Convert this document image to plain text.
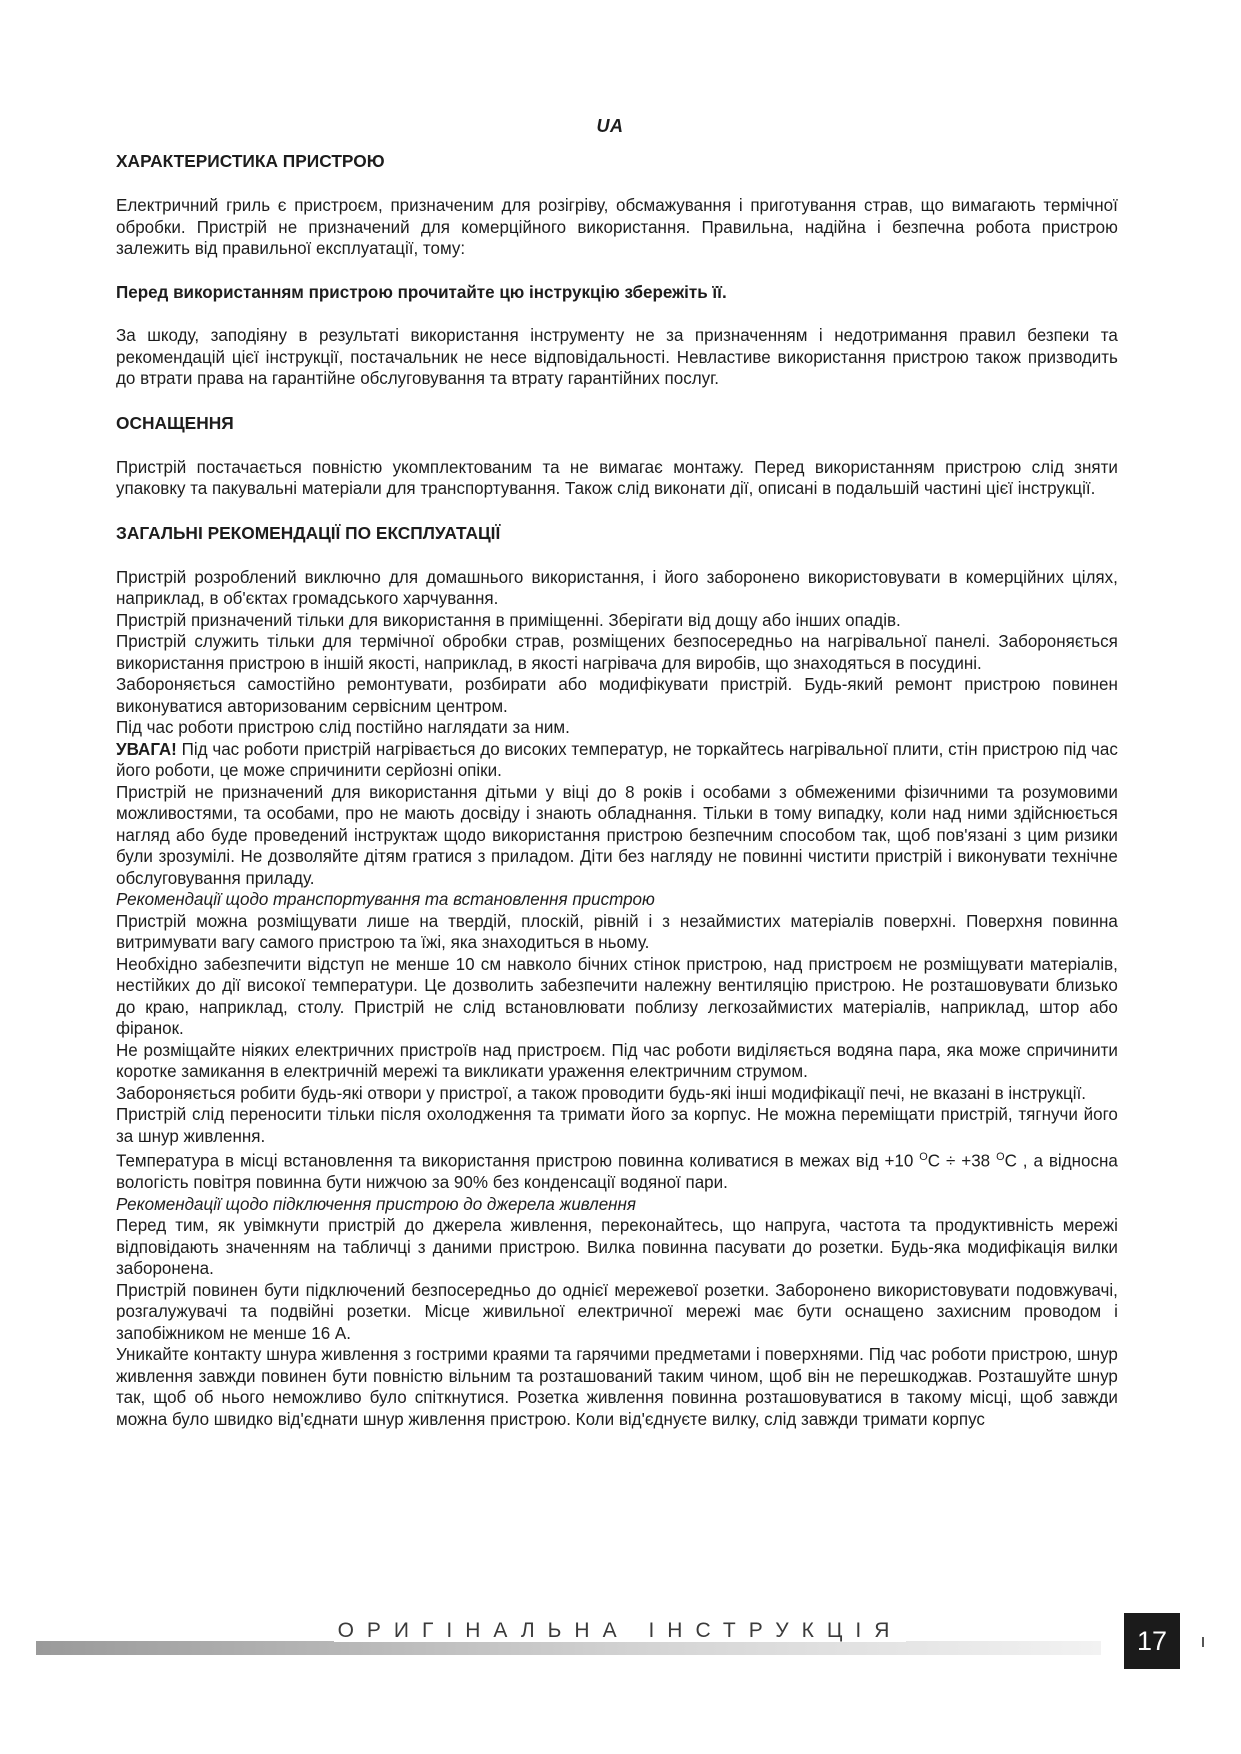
UA
ХАРАКТЕРИСТИКА ПРИСТРОЮ

Електричний гриль є пристроєм, призначеним для розігріву, обсмажування і приготування страв, що вимагають термічної обробки. Пристрій не призначений для комерційного використання. Правильна, надійна і безпечна робота пристрою залежить від правильної експлуатації, тому:

Перед використанням пристрою прочитайте цю інструкцію збережіть її.

За шкоду, заподіяну в результаті використання інструменту не за призначенням і недотримання правил безпеки та рекомендацій цієї інструкції, постачальник не несе відповідальності. Невластиве використання пристрою також призводить до втрати права на гарантійне обслуговування та втрату гарантійних послуг.

ОСНАЩЕННЯ

Пристрій постачається повністю укомплектованим та не вимагає монтажу. Перед використанням пристрою слід зняти упаковку та пакувальні матеріали для транспортування. Також слід виконати дії, описані в подальшій частині цієї інструкції.

ЗАГАЛЬНІ РЕКОМЕНДАЦІЇ ПО ЕКСПЛУАТАЦІЇ

Пристрій розроблений виключно для домашнього використання, і його заборонено використовувати в комерційних цілях, наприклад, в об'єктах громадського харчування.

Пристрій призначений тільки для використання в приміщенні. Зберігати від дощу або інших опадів.

Пристрій служить тільки для термічної обробки страв, розміщених безпосередньо на нагрівальної панелі. Забороняється використання пристрою в іншій якості, наприклад, в якості нагрівача для виробів, що знаходяться в посудині.

Забороняється самостійно ремонтувати, розбирати або модифікувати пристрій. Будь-який ремонт пристрою повинен виконуватися авторизованим сервісним центром.

Під час роботи пристрою слід постійно наглядати за ним.

УВАГА! Під час роботи пристрій нагрівається до високих температур, не торкайтесь нагрівальної плити, стін пристрою під час його роботи, це може спричинити серйозні опіки.

Пристрій не призначений для використання дітьми у віці до 8 років і особами з обмеженими фізичними та розумовими можливостями, та особами, про не мають досвіду і знають обладнання. Тільки в тому випадку, коли над ними здійснюється нагляд або буде проведений інструктаж щодо використання пристрою безпечним способом так, щоб пов'язані з цим ризики були зрозумілі. Не дозволяйте дітям гратися з приладом. Діти без нагляду не повинні чистити пристрій і виконувати технічне обслуговування приладу.

Рекомендації щодо транспортування та встановлення пристрою

Пристрій можна розміщувати лише на твердій, плоскій, рівній і з незаймистих матеріалів поверхні. Поверхня повинна витримувати вагу самого пристрою та їжі, яка знаходиться в ньому.

Необхідно забезпечити відступ не менше 10 см навколо бічних стінок пристрою, над пристроєм не розміщувати матеріалів, нестійких до дії високої температури. Це дозволить забезпечити належну вентиляцію пристрою. Не розташовувати близько до краю, наприклад, столу. Пристрій не слід встановлювати поблизу легкозаймистих матеріалів, наприклад, штор або фіранок.

Не розміщайте ніяких електричних пристроїв над пристроєм. Під час роботи виділяється водяна пара, яка може спричинити коротке замикання в електричній мережі та викликати ураження електричним струмом.

Забороняється робити будь-які отвори у пристрої, а також проводити будь-які інші модифікації печі, не вказані в інструкції.

Пристрій слід переносити тільки після охолодження та тримати його за корпус. Не можна переміщати пристрій, тягнучи його за шнур живлення.

Температура в місці встановлення та використання пристрою повинна коливатися в межах від +10 $^O$C ÷ +38 $^O$C , а відносна вологість повітря повинна бути нижчою за 90% без конденсації водяної пари.

Рекомендації щодо підключення пристрою до джерела живлення

Перед тим, як увімкнути пристрій до джерела живлення, переконайтесь, що напруга, частота та продуктивність мережі відповідають значенням на табличці з даними пристрою. Вилка повинна пасувати до розетки. Будь-яка модифікація вилки заборонена.

Пристрій повинен бути підключений безпосередньо до однієї мережевої розетки. Заборонено використовувати подовжувачі, розгалужувачі та подвійні розетки. Місце живильної електричної мережі має бути оснащено захисним проводом і запобіжником не менше 16 А.

Уникайте контакту шнура живлення з гострими краями та гарячими предметами і поверхнями. Під час роботи пристрою, шнур живлення завжди повинен бути повністю вільним та розташований таким чином, щоб він не перешкоджав. Розташуйте шнур так, щоб об нього неможливо було спіткнутися. Розетка живлення повинна розташовуватися в такому місці, щоб завжди можна було швидко від'єднати шнур живлення пристрою. Коли від'єднуєте вилку, слід завжди тримати корпус

ОРИГІНАЛЬНА ІНСТРУКЦІЯ	17
